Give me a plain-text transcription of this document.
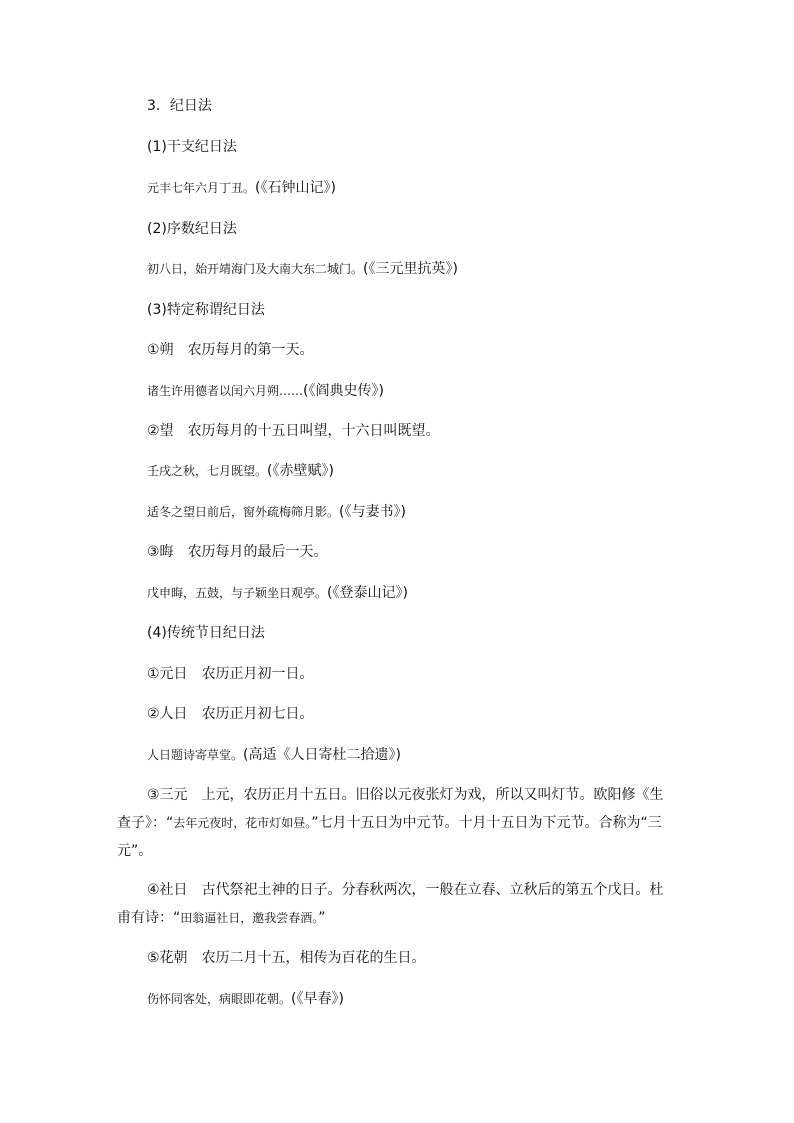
3．纪日法
(1)干支纪日法
元丰七年六月丁丑。(《石钟山记》)
(2)序数纪日法
初八日，始开靖海门及大南大东二城门。(《三元里抗英》)
(3)特定称谓纪日法
①朔 农历每月的第一天。
诸生许用德者以闰六月朔……(《阎典史传》)
②望 农历每月的十五日叫望，十六日叫既望。
壬戌之秋，七月既望。(《赤壁赋》)
适冬之望日前后，窗外疏梅筛月影。(《与妻书》)
③晦 农历每月的最后一天。
戊申晦，五鼓，与子颖坐日观亭。(《登泰山记》)
(4)传统节日纪日法
①元日 农历正月初一日。
②人日 农历正月初七日。
人日题诗寄草堂。(高适《人日寄杜二拾遗》)
③三元 上元，农历正月十五日。旧俗以元夜张灯为戏，所以又叫灯节。欧阳修《生查子》：“去年元夜时，花市灯如昼。”七月十五日为中元节。十月十五日为下元节。合称为“三元”。
④社日 古代祭祀土神的日子。分春秋两次，一般在立春、立秋后的第五个戊日。杜甫有诗：“田翁逼社日，邀我尝春酒。”
⑤花朝 农历二月十五，相传为百花的生日。
伤怀同客处，病眼即花朝。(《早春》)
